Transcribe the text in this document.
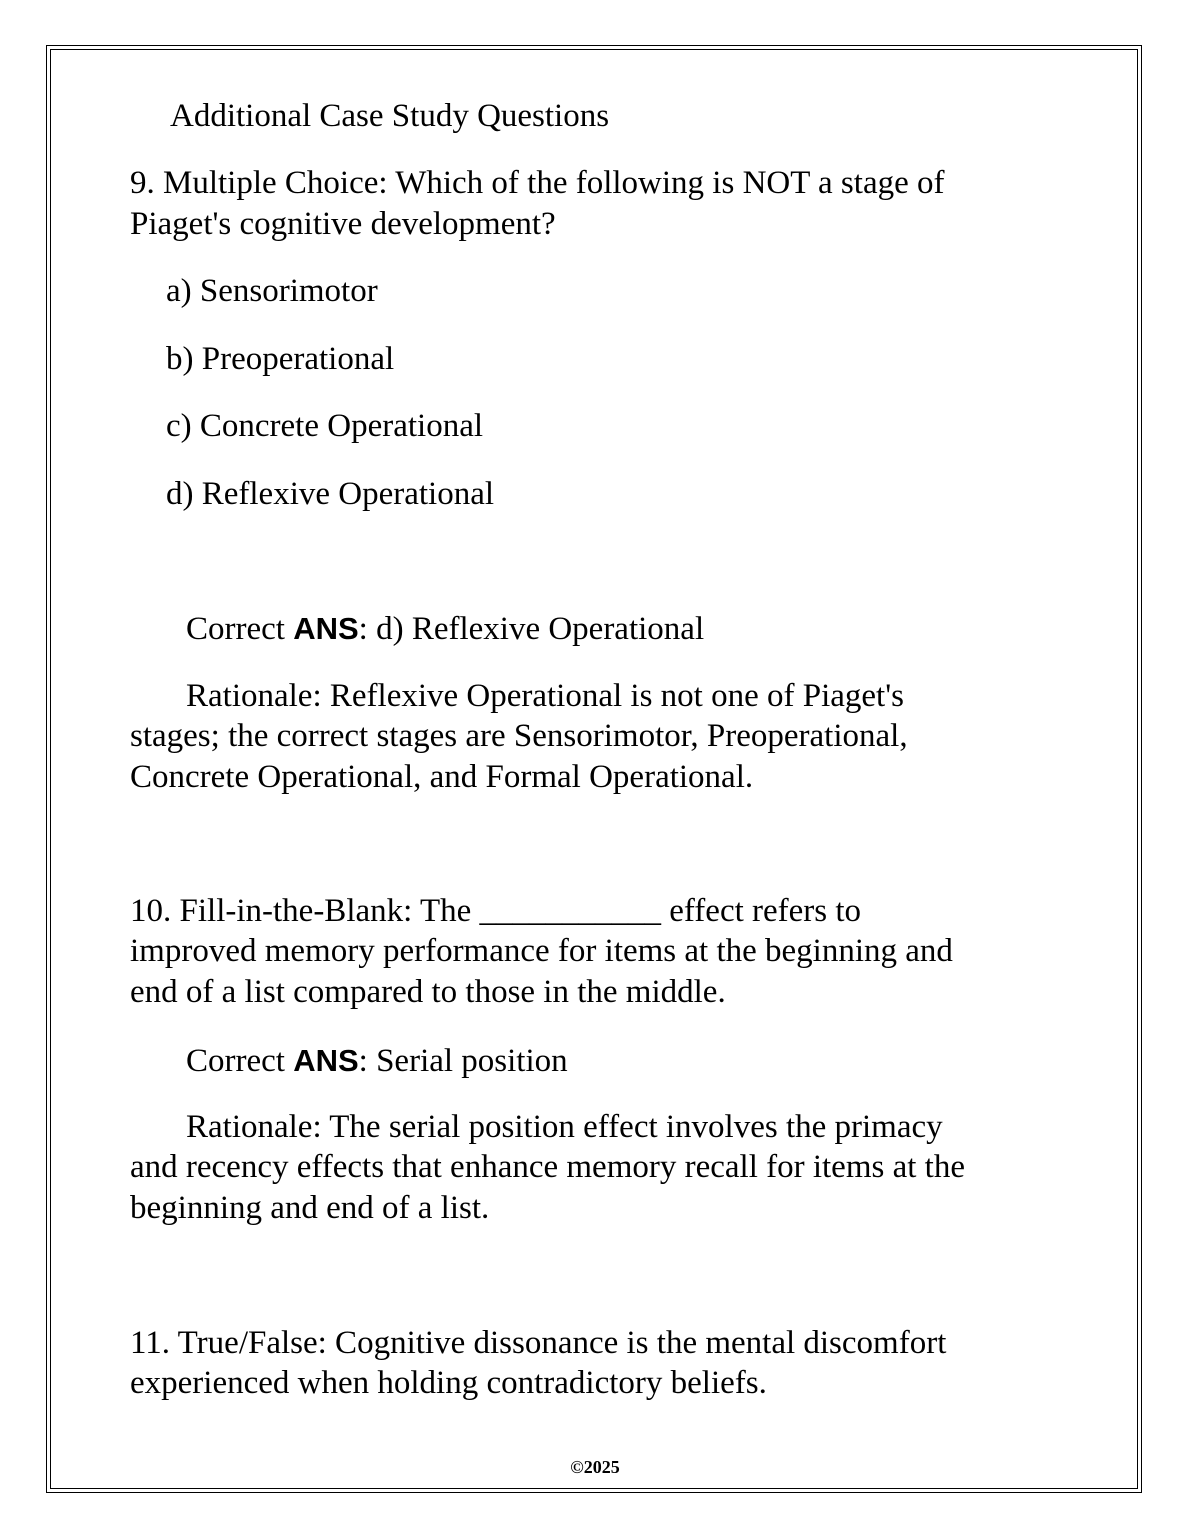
Additional Case Study Questions
9. Multiple Choice: Which of the following is NOT a stage of
Piaget's cognitive development?
a) Sensorimotor
b) Preoperational
c) Concrete Operational
d) Reflexive Operational
Correct ANS: d) Reflexive Operational
Rationale: Reflexive Operational is not one of Piaget's
stages; the correct stages are Sensorimotor, Preoperational,
Concrete Operational, and Formal Operational.
10. Fill-in-the-Blank: The ___________ effect refers to
improved memory performance for items at the beginning and
end of a list compared to those in the middle.
Correct ANS: Serial position
Rationale: The serial position effect involves the primacy
and recency effects that enhance memory recall for items at the
beginning and end of a list.
11. True/False: Cognitive dissonance is the mental discomfort
experienced when holding contradictory beliefs.
©2025
